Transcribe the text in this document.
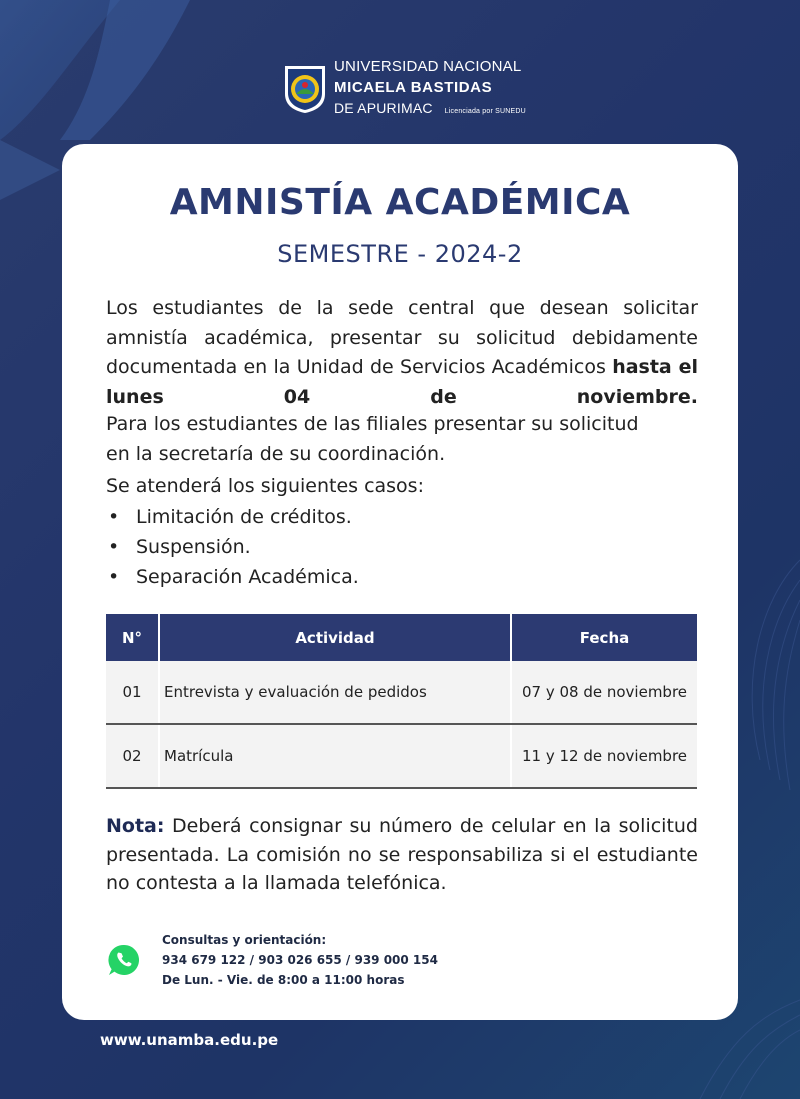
UNIVERSIDAD NACIONAL
MICAELA BASTIDAS
DE APURIMAC Licenciada por SUNEDU
AMNISTÍA ACADÉMICA
SEMESTRE - 2024-2
Los estudiantes de la sede central que desean solicitar amnistía académica, presentar su solicitud debidamente documentada en la Unidad de Servicios Académicos hasta el lunes 04 de noviembre.
Para los estudiantes de las filiales presentar su solicitud
en la secretaría de su coordinación.
Se atenderá los siguientes casos:
• Limitación de créditos.
• Suspensión.
• Separación Académica.
N°	Actividad	Fecha
01	Entrevista y evaluación de pedidos	07 y 08 de noviembre
02	Matrícula	11 y 12 de noviembre
Nota: Deberá consignar su número de celular en la solicitud presentada. La comisión no se responsabiliza si el estudiante no contesta a la llamada telefónica.
Consultas y orientación:
934 679 122 / 903 026 655 / 939 000 154
De Lun. - Vie. de 8:00 a 11:00 horas
www.unamba.edu.pe
